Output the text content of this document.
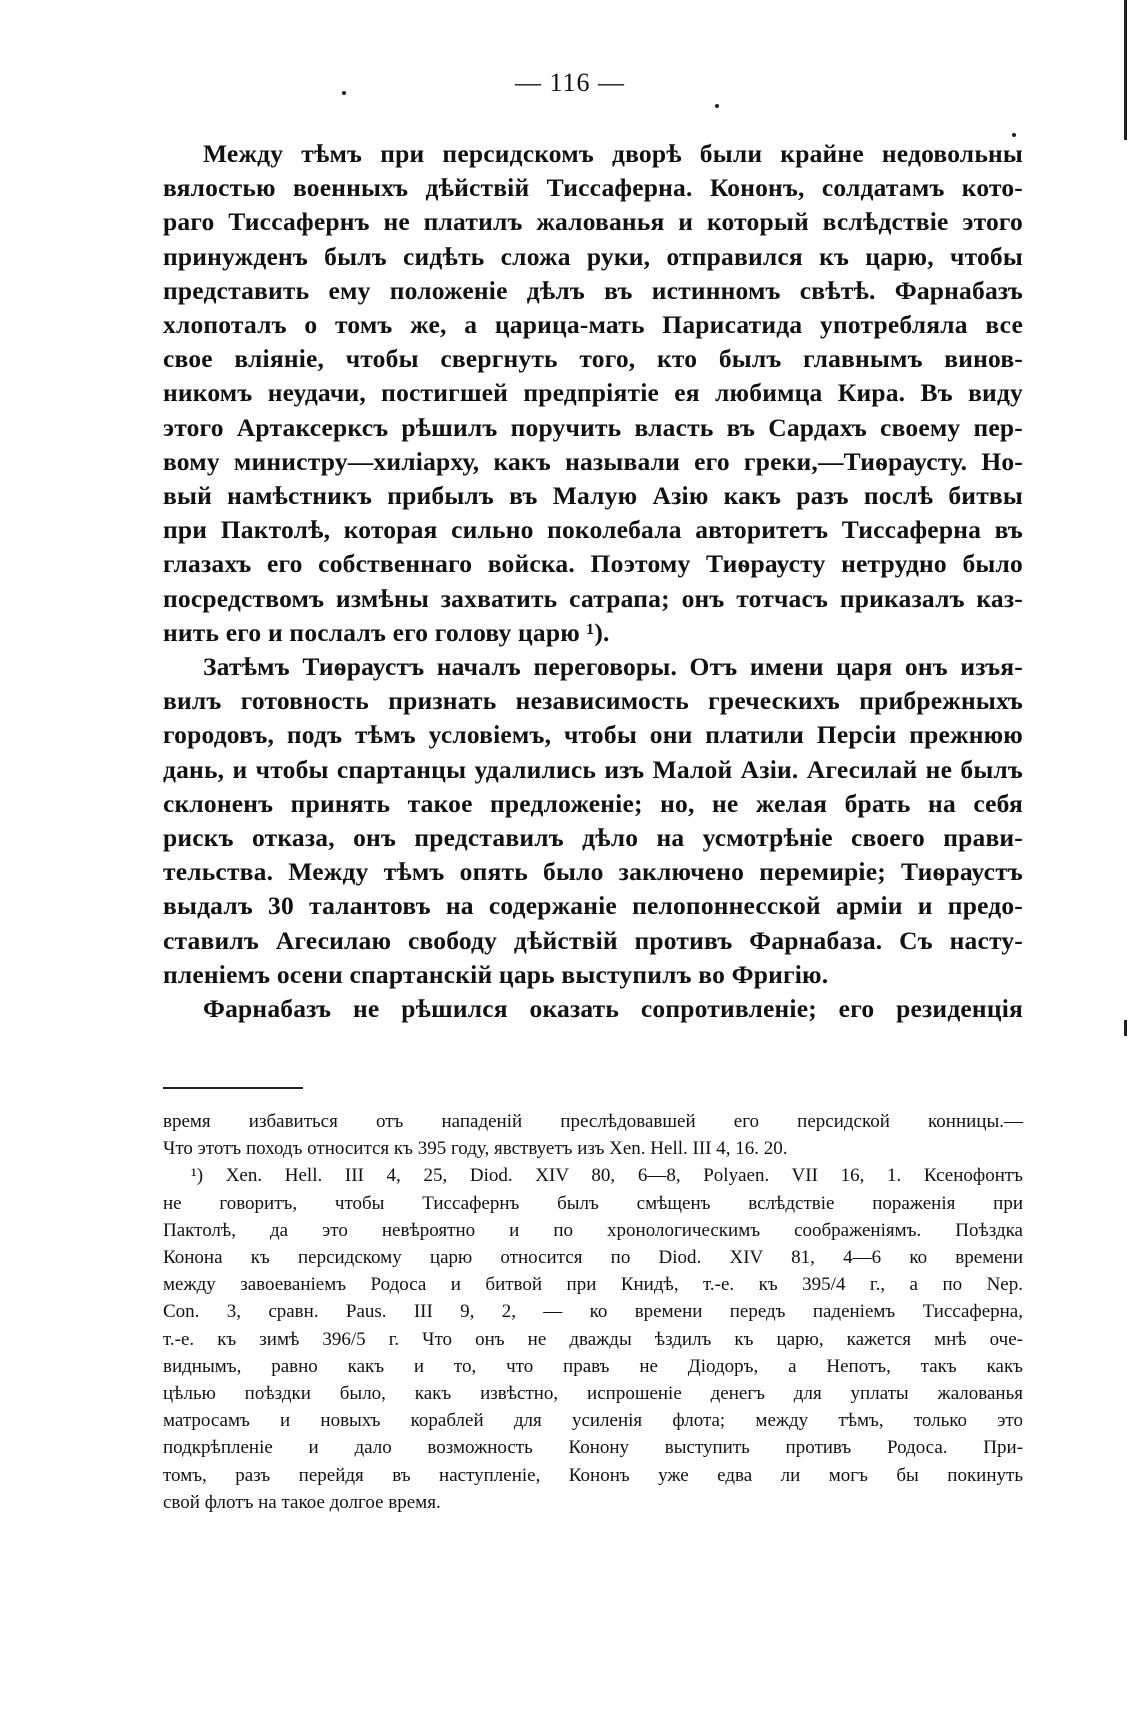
— 116 —
Между тѣмъ при персидскомъ дворѣ были крайне недовольны
вялостью военныхъ дѣйствій Тиссаферна. Кононъ, солдатамъ кото-
раго Тиссафернъ не платилъ жалованья и который вслѣдствіе этого
принужденъ былъ сидѣть сложа руки, отправился къ царю, чтобы
представить ему положеніе дѣлъ въ истинномъ свѣтѣ. Фарнабазъ
хлопоталъ о томъ же, а царица-мать Парисатида употребляла все
свое вліяніе, чтобы свергнуть того, кто былъ главнымъ винов-
никомъ неудачи, постигшей предпріятіе ея любимца Кира. Въ виду
этого Артаксерксъ рѣшилъ поручить власть въ Сардахъ своему пер-
вому министру—хиліарху, какъ называли его греки,—Тиѳраусту. Но-
вый намѣстникъ прибылъ въ Малую Азію какъ разъ послѣ битвы
при Пактолѣ, которая сильно поколебала авторитетъ Тиссаферна въ
глазахъ его собственнаго войска. Поэтому Тиѳраусту нетрудно было
посредствомъ измѣны захватить сатрапа; онъ тотчасъ приказалъ каз-
нить его и послалъ его голову царю ¹).
Затѣмъ Тиѳраустъ началъ переговоры. Отъ имени царя онъ изъя-
вилъ готовность признать независимость греческихъ прибрежныхъ
городовъ, подъ тѣмъ условіемъ, чтобы они платили Персіи прежнюю
дань, и чтобы спартанцы удалились изъ Малой Азіи. Агесилай не былъ
склоненъ принять такое предложеніе; но, не желая брать на себя
рискъ отказа, онъ представилъ дѣло на усмотрѣніе своего прави-
тельства. Между тѣмъ опять было заключено перемиріе; Тиѳраустъ
выдалъ 30 талантовъ на содержаніе пелопоннесской арміи и предо-
ставилъ Агесилаю свободу дѣйствій противъ Фарнабаза. Съ насту-
пленіемъ осени спартанскій царь выступилъ во Фригію.
Фарнабазъ не рѣшился оказать сопротивленіе; его резиденція
время избавиться отъ нападеній преслѣдовавшей его персидской конницы.—
Что этотъ походъ относится къ 395 году, явствуетъ изъ Xen. Hell. III 4, 16. 20.
¹) Xen. Hell. III 4, 25, Diod. XIV 80, 6—8, Polyaen. VII 16, 1. Ксенофонтъ
не говоритъ, чтобы Тиссафернъ былъ смѣщенъ вслѣдствіе пораженія при
Пактолѣ, да это невѣроятно и по хронологическимъ соображеніямъ. Поѣздка
Конона къ персидскому царю относится по Diod. XIV 81, 4—6 ко времени
между завоеваніемъ Родоса и битвой при Книдѣ, т.-е. къ 395/4 г., а по Nep.
Con. 3, сравн. Paus. III 9, 2, — ко времени передъ паденіемъ Тиссаферна,
т.-е. къ зимѣ 396/5 г. Что онъ не дважды ѣздилъ къ царю, кажется мнѣ оче-
виднымъ, равно какъ и то, что правъ не Діодоръ, а Непотъ, такъ какъ
цѣлью поѣздки было, какъ извѣстно, испрошеніе денегъ для уплаты жалованья
матросамъ и новыхъ кораблей для усиленія флота; между тѣмъ, только это
подкрѣпленіе и дало возможность Конону выступить противъ Родоса. При-
томъ, разъ перейдя въ наступленіе, Кононъ уже едва ли могъ бы покинуть
свой флотъ на такое долгое время.
